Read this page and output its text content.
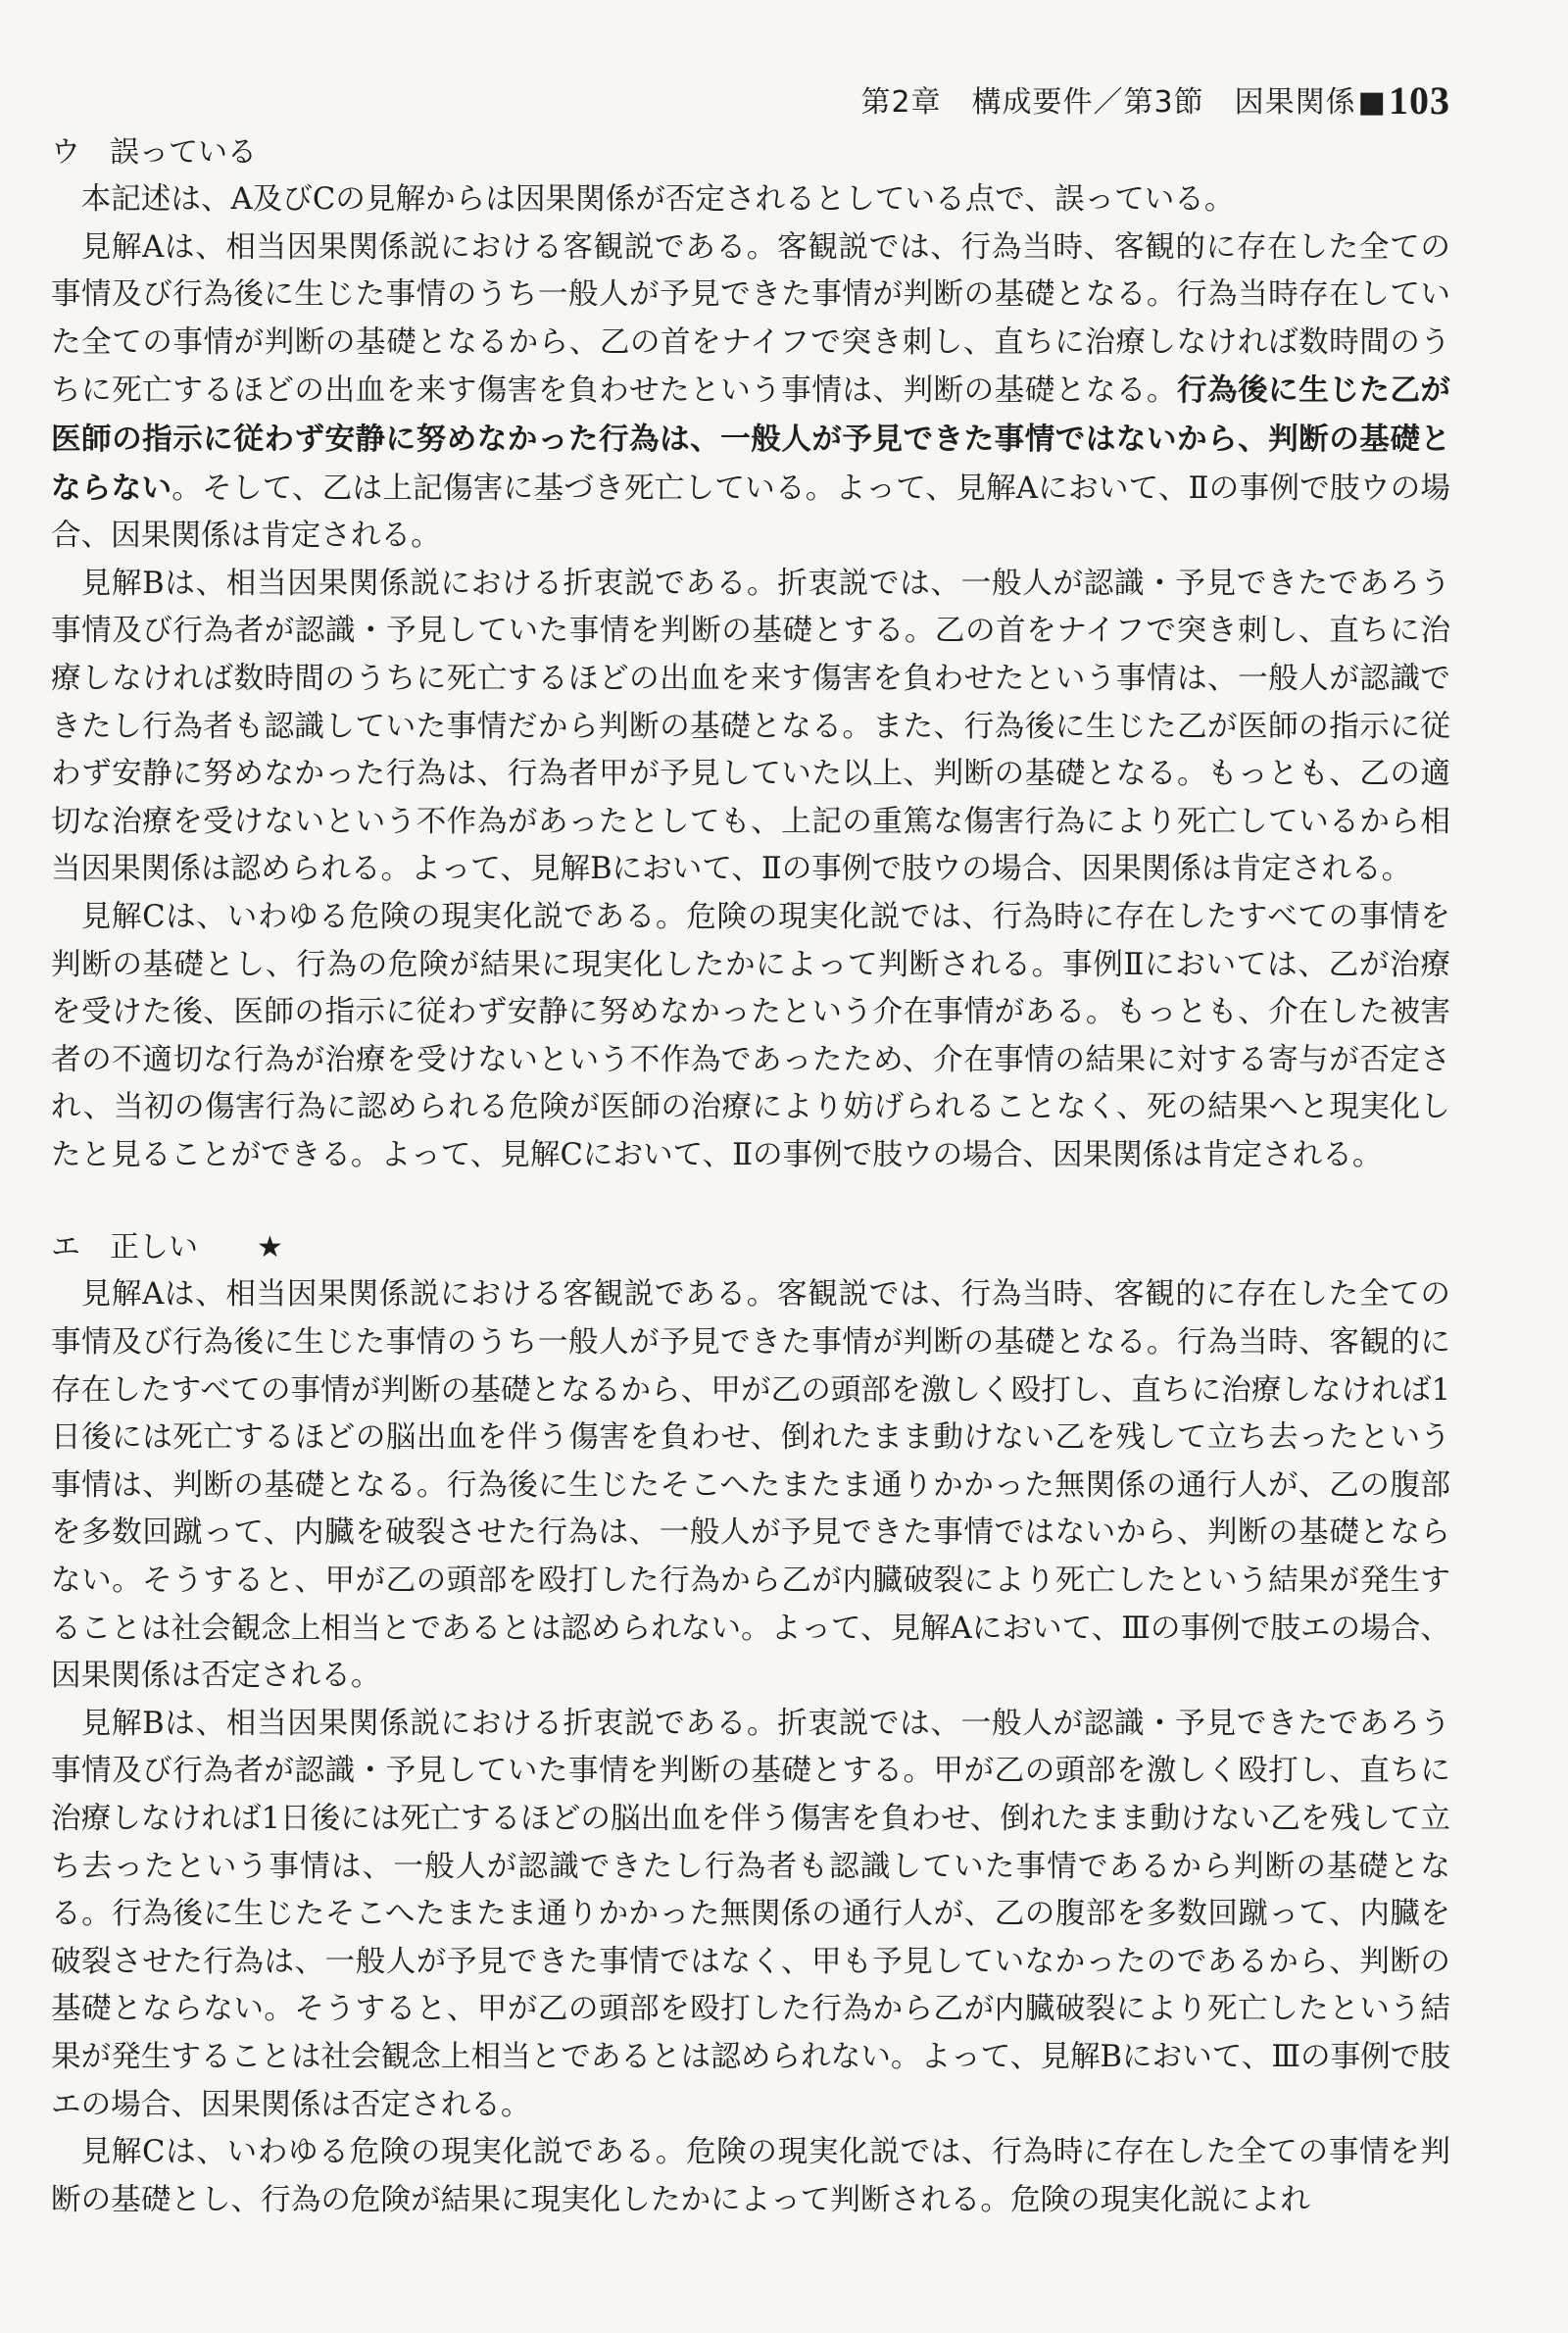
第2章　構成要件／第3節　因果関係■103

ウ　誤っている

本記述は、A及びCの見解からは因果関係が否定されるとしている点で、誤っている。

見解Aは、相当因果関係説における客観説である。客観説では、行為当時、客観的に存在した全ての事情及び行為後に生じた事情のうち一般人が予見できた事情が判断の基礎となる。行為当時存在していた全ての事情が判断の基礎となるから、乙の首をナイフで突き刺し、直ちに治療しなければ数時間のうちに死亡するほどの出血を来す傷害を負わせたという事情は、判断の基礎となる。行為後に生じた乙が医師の指示に従わず安静に努めなかった行為は、一般人が予見できた事情ではないから、判断の基礎とならない。そして、乙は上記傷害に基づき死亡している。よって、見解Aにおいて、Ⅱの事例で肢ウの場合、因果関係は肯定される。

見解Bは、相当因果関係説における折衷説である。折衷説では、一般人が認識・予見できたであろう事情及び行為者が認識・予見していた事情を判断の基礎とする。乙の首をナイフで突き刺し、直ちに治療しなければ数時間のうちに死亡するほどの出血を来す傷害を負わせたという事情は、一般人が認識できたし行為者も認識していた事情だから判断の基礎となる。また、行為後に生じた乙が医師の指示に従わず安静に努めなかった行為は、行為者甲が予見していた以上、判断の基礎となる。もっとも、乙の適切な治療を受けないという不作為があったとしても、上記の重篤な傷害行為により死亡しているから相当因果関係は認められる。よって、見解Bにおいて、Ⅱの事例で肢ウの場合、因果関係は肯定される。

見解Cは、いわゆる危険の現実化説である。危険の現実化説では、行為時に存在したすべての事情を判断の基礎とし、行為の危険が結果に現実化したかによって判断される。事例Ⅱにおいては、乙が治療を受けた後、医師の指示に従わず安静に努めなかったという介在事情がある。もっとも、介在した被害者の不適切な行為が治療を受けないという不作為であったため、介在事情の結果に対する寄与が否定され、当初の傷害行為に認められる危険が医師の治療により妨げられることなく、死の結果へと現実化したと見ることができる。よって、見解Cにおいて、Ⅱの事例で肢ウの場合、因果関係は肯定される。

エ　正しい ★

見解Aは、相当因果関係説における客観説である。客観説では、行為当時、客観的に存在した全ての事情及び行為後に生じた事情のうち一般人が予見できた事情が判断の基礎となる。行為当時、客観的に存在したすべての事情が判断の基礎となるから、甲が乙の頭部を激しく殴打し、直ちに治療しなければ1日後には死亡するほどの脳出血を伴う傷害を負わせ、倒れたまま動けない乙を残して立ち去ったという事情は、判断の基礎となる。行為後に生じたそこへたまたま通りかかった無関係の通行人が、乙の腹部を多数回蹴って、内臓を破裂させた行為は、一般人が予見できた事情ではないから、判断の基礎とならない。そうすると、甲が乙の頭部を殴打した行為から乙が内臓破裂により死亡したという結果が発生することは社会観念上相当とであるとは認められない。よって、見解Aにおいて、Ⅲの事例で肢エの場合、因果関係は否定される。

見解Bは、相当因果関係説における折衷説である。折衷説では、一般人が認識・予見できたであろう事情及び行為者が認識・予見していた事情を判断の基礎とする。甲が乙の頭部を激しく殴打し、直ちに治療しなければ1日後には死亡するほどの脳出血を伴う傷害を負わせ、倒れたまま動けない乙を残して立ち去ったという事情は、一般人が認識できたし行為者も認識していた事情であるから判断の基礎となる。行為後に生じたそこへたまたま通りかかった無関係の通行人が、乙の腹部を多数回蹴って、内臓を破裂させた行為は、一般人が予見できた事情ではなく、甲も予見していなかったのであるから、判断の基礎とならない。そうすると、甲が乙の頭部を殴打した行為から乙が内臓破裂により死亡したという結果が発生することは社会観念上相当とであるとは認められない。よって、見解Bにおいて、Ⅲの事例で肢エの場合、因果関係は否定される。

見解Cは、いわゆる危険の現実化説である。危険の現実化説では、行為時に存在した全ての事情を判断の基礎とし、行為の危険が結果に現実化したかによって判断される。危険の現実化説によれ
